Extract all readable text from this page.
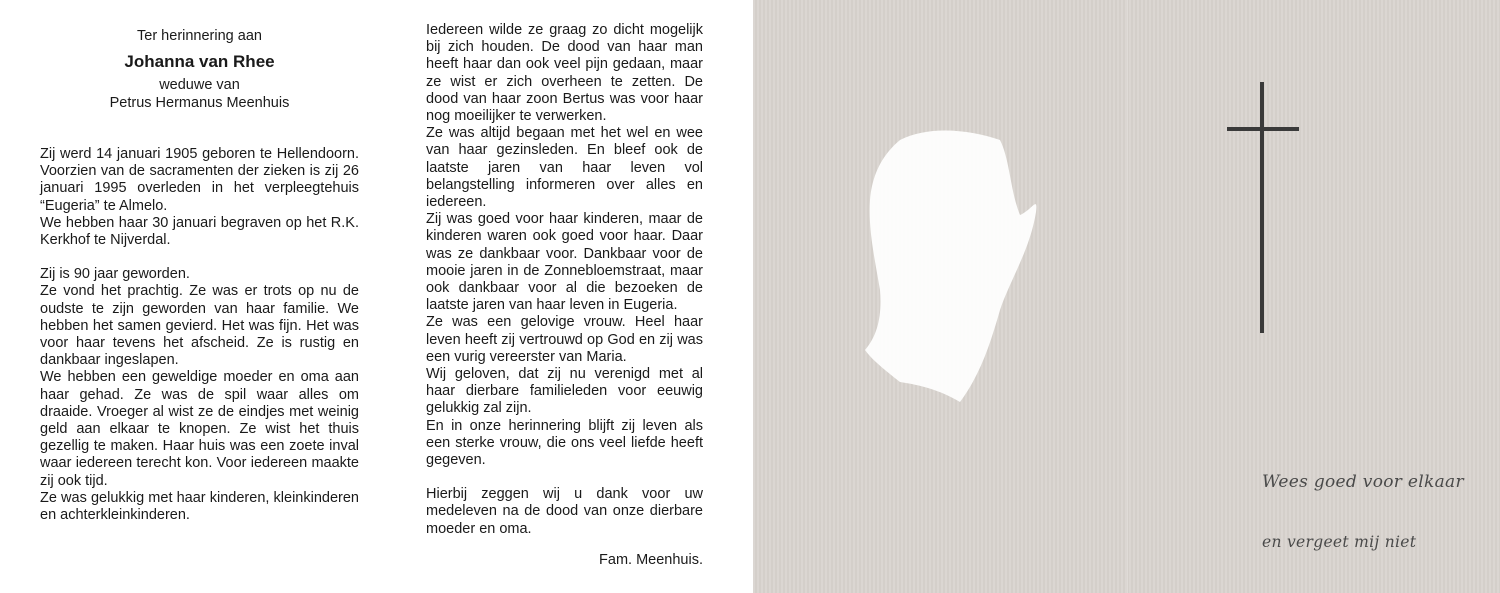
Ter herinnering aan
Johanna van Rhee
weduwe van
Petrus Hermanus Meenhuis

Zij werd 14 januari 1905 geboren te Hellendoorn. Voorzien van de sacramenten der zieken is zij 26 januari 1995 overleden in het verpleegtehuis “Eugeria” te Almelo.
We hebben haar 30 januari begraven op het R.K. Kerkhof te Nijverdal.

Zij is 90 jaar geworden.
Ze vond het prachtig. Ze was er trots op nu de oudste te zijn geworden van haar familie. We hebben het samen gevierd. Het was fijn. Het was voor haar tevens het afscheid. Ze is rustig en dankbaar ingeslapen.
We hebben een geweldige moeder en oma aan haar gehad. Ze was de spil waar alles om draaide. Vroeger al wist ze de eindjes met weinig geld aan elkaar te knopen. Ze wist het thuis gezellig te maken. Haar huis was een zoete inval waar iedereen terecht kon. Voor iedereen maakte zij ook tijd.
Ze was gelukkig met haar kinderen, kleinkinderen en achterkleinkinderen.

Iedereen wilde ze graag zo dicht mogelijk bij zich houden. De dood van haar man heeft haar dan ook veel pijn gedaan, maar ze wist er zich overheen te zetten. De dood van haar zoon Bertus was voor haar nog moeilijker te verwerken.
Ze was altijd begaan met het wel en wee van haar gezinsleden. En bleef ook de laatste jaren van haar leven vol belangstelling informeren over alles en iedereen.
Zij was goed voor haar kinderen, maar de kinderen waren ook goed voor haar. Daar was ze dankbaar voor. Dankbaar voor de mooie jaren in de Zonnebloemstraat, maar ook dankbaar voor al die bezoeken de laatste jaren van haar leven in Eugeria.
Ze was een gelovige vrouw. Heel haar leven heeft zij vertrouwd op God en zij was een vurig vereerster van Maria.
Wij geloven, dat zij nu verenigd met al haar dierbare familieleden voor eeuwig gelukkig zal zijn.
En in onze herinnering blijft zij leven als een sterke vrouw, die ons veel liefde heeft gegeven.

Hierbij zeggen wij u dank voor uw medeleven na de dood van onze dierbare moeder en oma.

Fam. Meenhuis.
Wees goed voor elkaar
en vergeet mij niet
